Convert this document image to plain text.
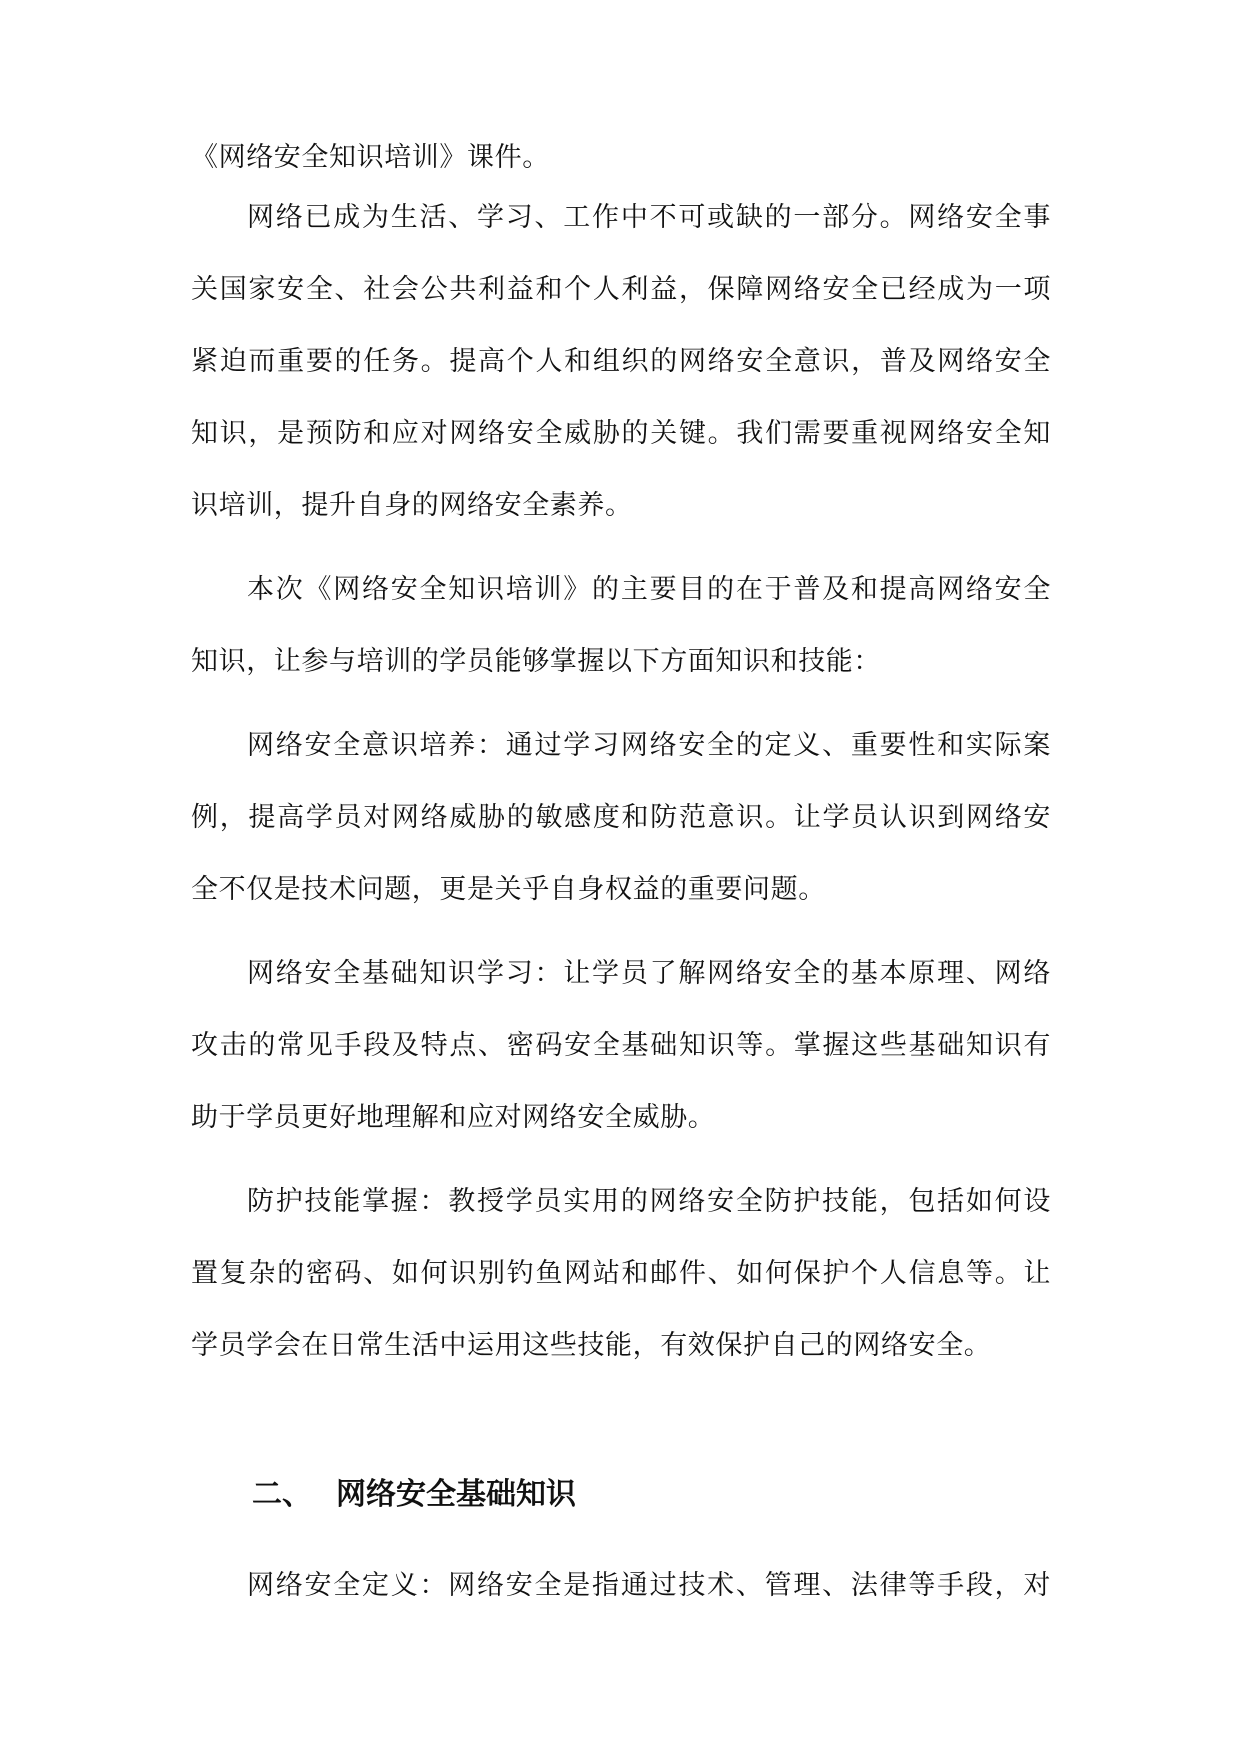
《网络安全知识培训》课件。
网络已成为生活、学习、工作中不可或缺的一部分。网络安全事
关国家安全、社会公共利益和个人利益，保障网络安全已经成为一项
紧迫而重要的任务。提高个人和组织的网络安全意识，普及网络安全
知识，是预防和应对网络安全威胁的关键。我们需要重视网络安全知
识培训，提升自身的网络安全素养。
本次《网络安全知识培训》的主要目的在于普及和提高网络安全
知识，让参与培训的学员能够掌握以下方面知识和技能：
网络安全意识培养：通过学习网络安全的定义、重要性和实际案
例，提高学员对网络威胁的敏感度和防范意识。让学员认识到网络安
全不仅是技术问题，更是关乎自身权益的重要问题。
网络安全基础知识学习：让学员了解网络安全的基本原理、网络
攻击的常见手段及特点、密码安全基础知识等。掌握这些基础知识有
助于学员更好地理解和应对网络安全威胁。
防护技能掌握：教授学员实用的网络安全防护技能，包括如何设
置复杂的密码、如何识别钓鱼网站和邮件、如何保护个人信息等。让
学员学会在日常生活中运用这些技能，有效保护自己的网络安全。
二、 网络安全基础知识
网络安全定义：网络安全是指通过技术、管理、法律等手段，对
